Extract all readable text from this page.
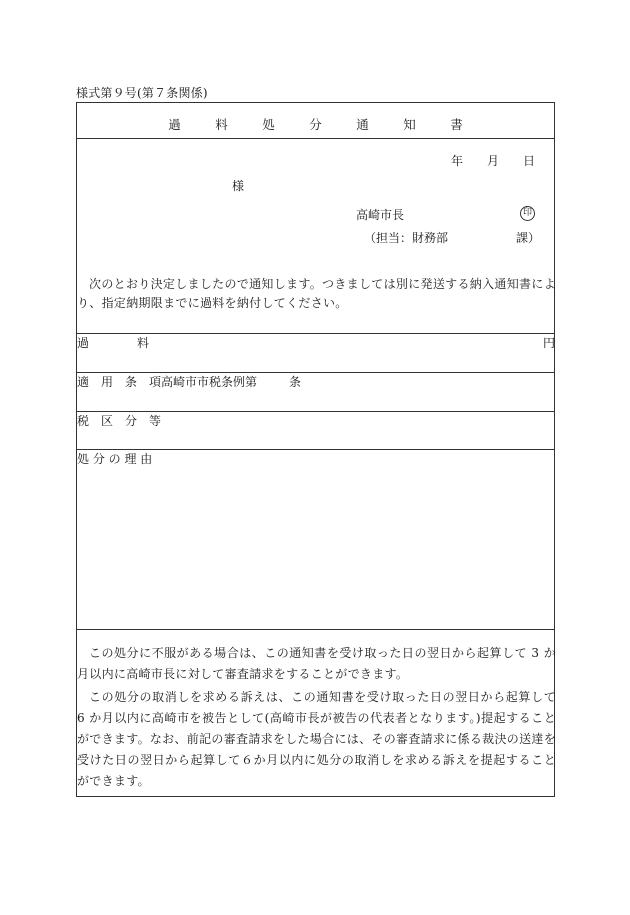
様式第９号(第７条関係)
過　料　処　分　通　知　書
年 月 日
様
高崎市長	印
（担当：財務部	課）

次のとおり決定しましたので通知します。つきましては別に発送する納入通知書により、指定納期限までに過料を納付してください。

過　　　　料	円
適　用　条　項 高崎市市税条例第	条
税　区　分　等
処 分 の 理 由

この処分に不服がある場合は、この通知書を受け取った日の翌日から起算して 3 か月以内に高崎市長に対して審査請求をすることができます。

この処分の取消しを求める訴えは、この通知書を受け取った日の翌日から起算して 6 か月以内に高崎市を被告として(高崎市長が被告の代表者となります。)提起することができます。なお、前記の審査請求をした場合には、その審査請求に係る裁決の送達を受けた日の翌日から起算して６か月以内に処分の取消しを求める訴えを提起することができます。
